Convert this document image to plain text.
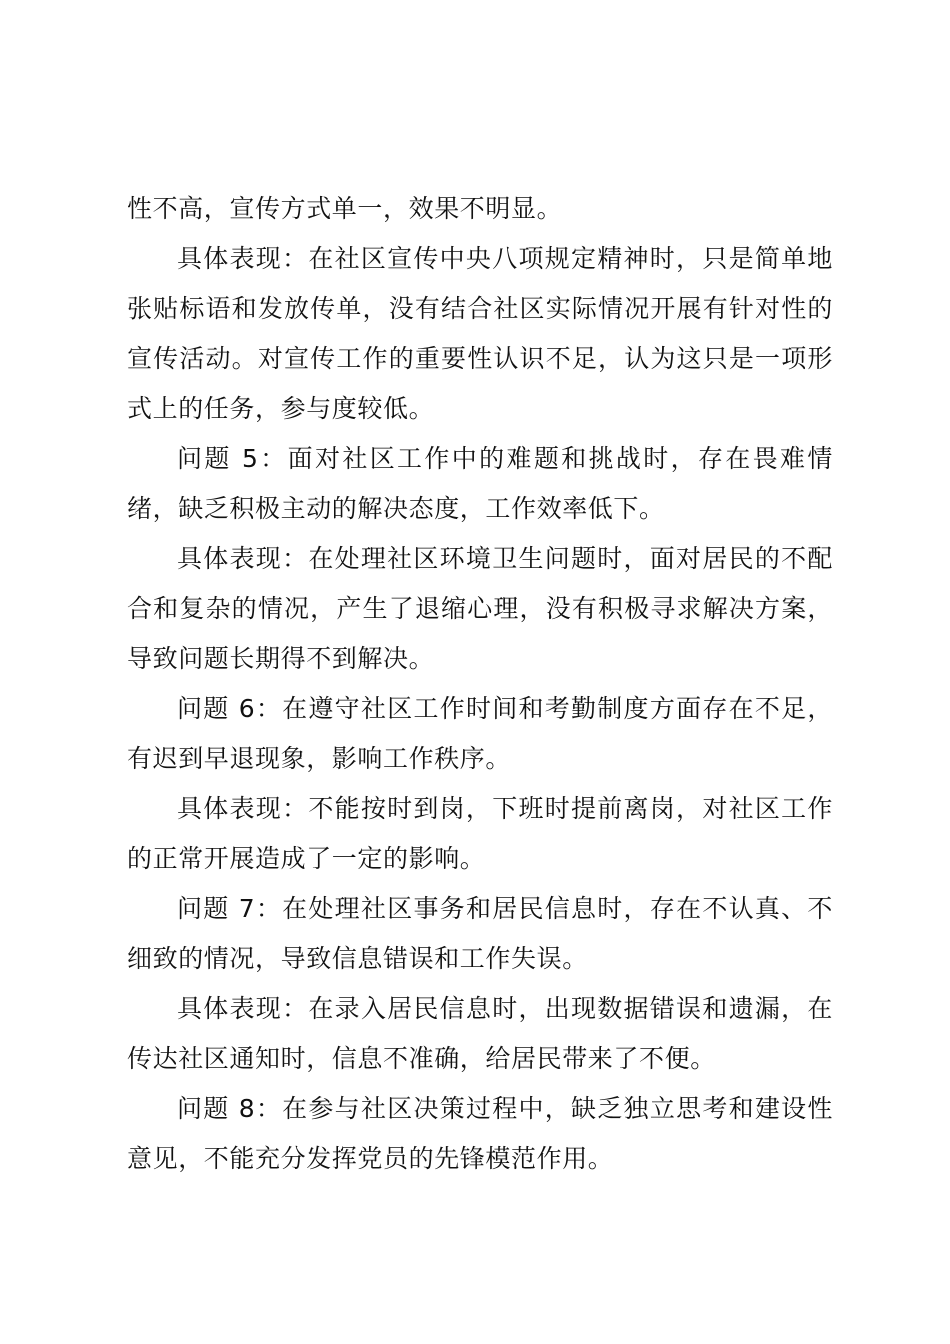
性不高，宣传方式单一，效果不明显。

具体表现：在社区宣传中央八项规定精神时，只是简单地张贴标语和发放传单，没有结合社区实际情况开展有针对性的宣传活动。对宣传工作的重要性认识不足，认为这只是一项形式上的任务，参与度较低。

问题 5：面对社区工作中的难题和挑战时，存在畏难情绪，缺乏积极主动的解决态度，工作效率低下。

具体表现：在处理社区环境卫生问题时，面对居民的不配合和复杂的情况，产生了退缩心理，没有积极寻求解决方案，导致问题长期得不到解决。

问题 6：在遵守社区工作时间和考勤制度方面存在不足，有迟到早退现象，影响工作秩序。

具体表现：不能按时到岗，下班时提前离岗，对社区工作的正常开展造成了一定的影响。

问题 7：在处理社区事务和居民信息时，存在不认真、不细致的情况，导致信息错误和工作失误。

具体表现：在录入居民信息时，出现数据错误和遗漏，在传达社区通知时，信息不准确，给居民带来了不便。

问题 8：在参与社区决策过程中，缺乏独立思考和建设性意见，不能充分发挥党员的先锋模范作用。
